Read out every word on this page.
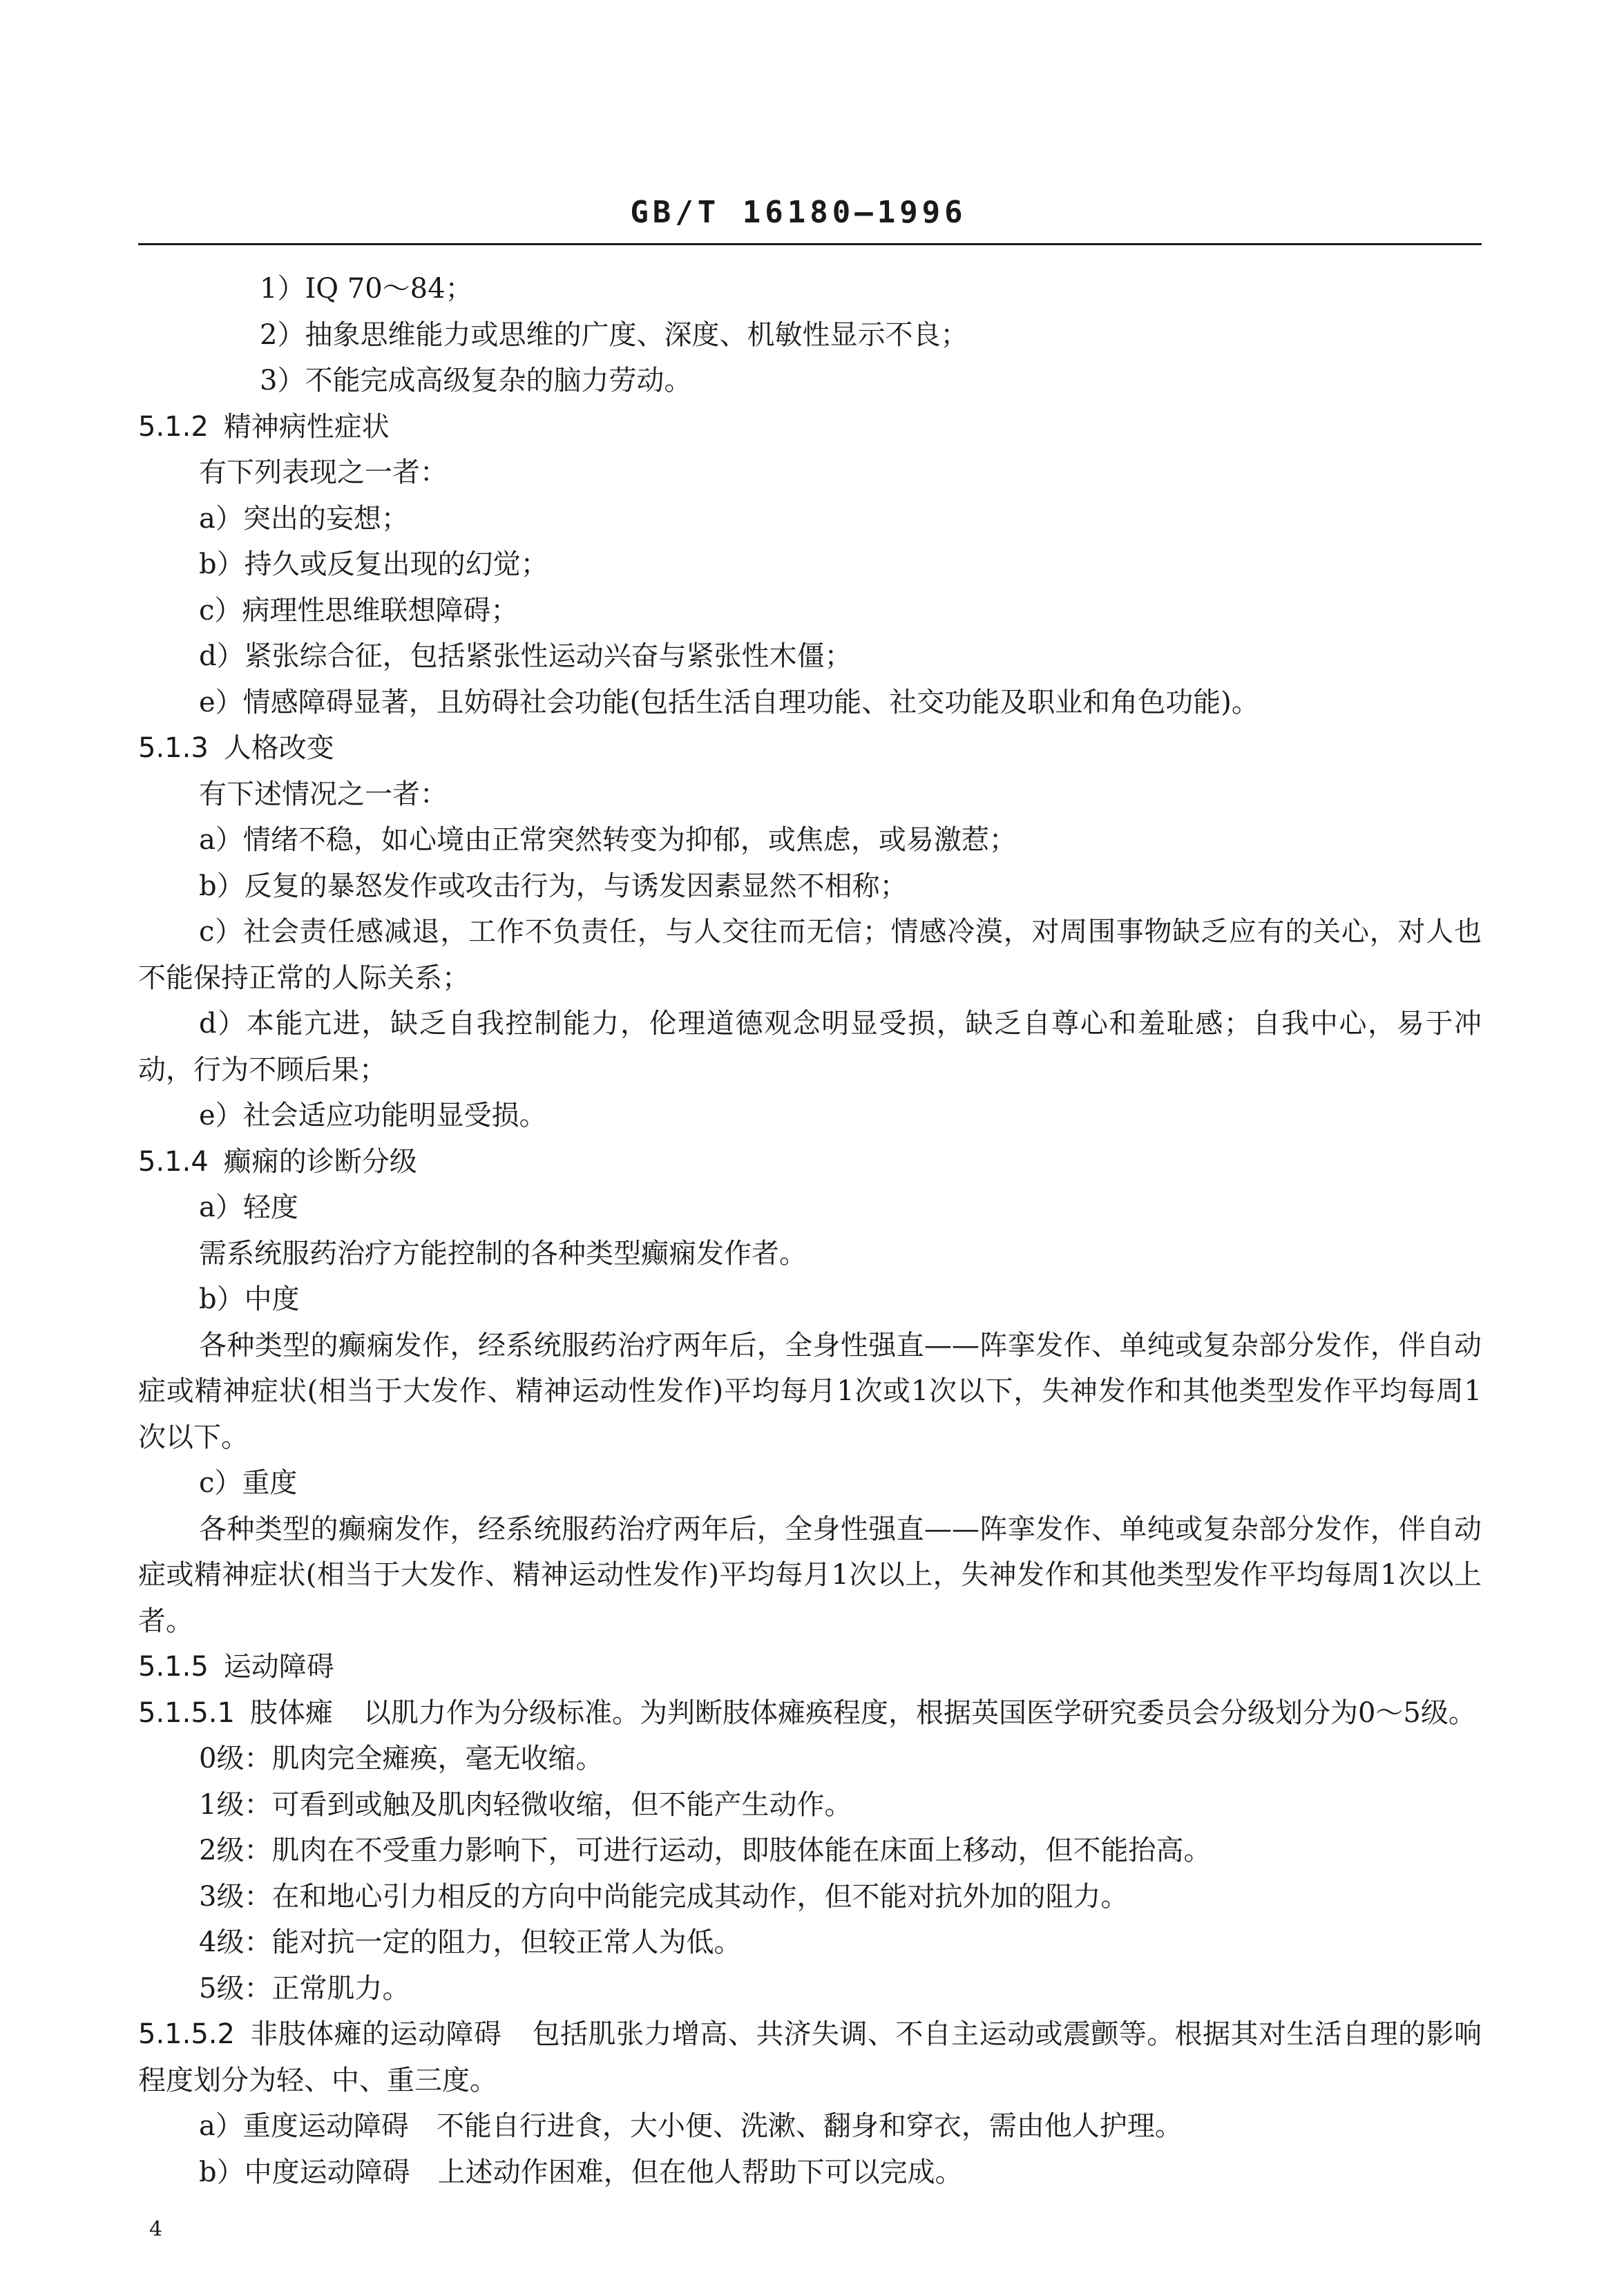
GB/T 16180—1996
1）IQ 70～84；
2）抽象思维能力或思维的广度、深度、机敏性显示不良；
3）不能完成高级复杂的脑力劳动。
5.1.2 精神病性症状
有下列表现之一者：
a）突出的妄想；
b）持久或反复出现的幻觉；
c）病理性思维联想障碍；
d）紧张综合征，包括紧张性运动兴奋与紧张性木僵；
e）情感障碍显著，且妨碍社会功能(包括生活自理功能、社交功能及职业和角色功能)。
5.1.3 人格改变
有下述情况之一者：
a）情绪不稳，如心境由正常突然转变为抑郁，或焦虑，或易激惹；
b）反复的暴怒发作或攻击行为，与诱发因素显然不相称；
c）社会责任感减退，工作不负责任，与人交往而无信；情感冷漠，对周围事物缺乏应有的关心，对人也不能保持正常的人际关系；
d）本能亢进，缺乏自我控制能力，伦理道德观念明显受损，缺乏自尊心和羞耻感；自我中心，易于冲动，行为不顾后果；
e）社会适应功能明显受损。
5.1.4 癫痫的诊断分级
a）轻度
需系统服药治疗方能控制的各种类型癫痫发作者。
b）中度
各种类型的癫痫发作，经系统服药治疗两年后，全身性强直——阵挛发作、单纯或复杂部分发作，伴自动症或精神症状(相当于大发作、精神运动性发作)平均每月1次或1次以下，失神发作和其他类型发作平均每周1次以下。
c）重度
各种类型的癫痫发作，经系统服药治疗两年后，全身性强直——阵挛发作、单纯或复杂部分发作，伴自动症或精神症状(相当于大发作、精神运动性发作)平均每月1次以上，失神发作和其他类型发作平均每周1次以上者。
5.1.5 运动障碍
5.1.5.1 肢体瘫 以肌力作为分级标准。为判断肢体瘫痪程度，根据英国医学研究委员会分级划分为0～5级。
0级：肌肉完全瘫痪，毫无收缩。
1级：可看到或触及肌肉轻微收缩，但不能产生动作。
2级：肌肉在不受重力影响下，可进行运动，即肢体能在床面上移动，但不能抬高。
3级：在和地心引力相反的方向中尚能完成其动作，但不能对抗外加的阻力。
4级：能对抗一定的阻力，但较正常人为低。
5级：正常肌力。
5.1.5.2 非肢体瘫的运动障碍 包括肌张力增高、共济失调、不自主运动或震颤等。根据其对生活自理的影响程度划分为轻、中、重三度。
a）重度运动障碍　不能自行进食，大小便、洗漱、翻身和穿衣，需由他人护理。
b）中度运动障碍　上述动作困难，但在他人帮助下可以完成。
4
